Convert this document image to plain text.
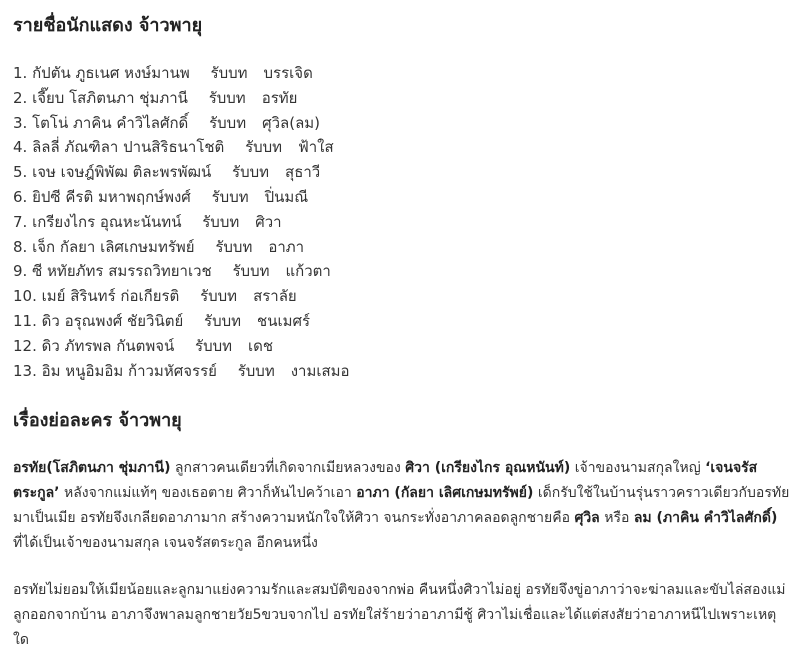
รายชื่อนักแสดง จ้าวพายุ
1. กัปตัน ภูธเนศ หงษ์มานพ รับบท บรรเจิด
2. เจี๊ยบ โสภิตนภา ชุ่มภานี รับบท อรทัย
3. โตโน่ ภาคิน คำวิไลศักดิ์ รับบท ศุวิล(ลม)
4. ลิลลี่ ภัณฑิลา ปานสิริธนาโชติ รับบท ฟ้าใส
5. เจษ เจษฎ์พิพัฒ ติละพรพัฒน์ รับบท สุธาวี
6. ยิปซี คีรติ มหาพฤกษ์พงศ์ รับบท ปิ่นมณี
7. เกรียงไกร อุณหะนันทน์ รับบท ศิวา
8. เจ็ก กัลยา เลิศเกษมทรัพย์ รับบท อาภา
9. ซี หทัยภัทร สมรรถวิทยาเวช รับบท แก้วตา
10. เมย์ สิรินทร์ ก่อเกียรติ รับบท สราลัย
11. ดิว อรุณพงศ์ ชัยวินิตย์ รับบท ชนเมศร์
12. ดิว ภัทรพล กันตพจน์ รับบท เดช
13. อิม หนูอิมอิม ก้าวมหัศจรรย์ รับบท งามเสมอ
เรื่องย่อละคร จ้าวพายุ

อรทัย(โสภิตนภา ชุ่มภานี) ลูกสาวคนเดียวที่เกิดจากเมียหลวงของ ศิวา (เกรียงไกร อุณหนันท์) เจ้าของนามสกุลใหญ่ ‘เจนจรัสตระกูล’ หลังจากแม่แท้ๆ ของเธอตาย ศิวาก็หันไปคว้าเอา อาภา (กัลยา เลิศเกษมทรัพย์) เด็กรับใช้ในบ้านรุ่นราวคราวเดียวกับอรทัยมาเป็นเมีย อรทัยจึงเกลียดอาภามาก สร้างความหนักใจให้ศิวา จนกระทั่งอาภาคลอดลูกชายคือ ศุวิล หรือ ลม (ภาคิน คำวิไลศักดิ์) ที่ได้เป็นเจ้าของนามสกุล เจนจรัสตระกูล อีกคนหนึ่ง

อรทัยไม่ยอมให้เมียน้อยและลูกมาแย่งความรักและสมบัติของจากพ่อ คืนหนึ่งศิวาไม่อยู่ อรทัยจึงขู่อาภาว่าจะฆ่าลมและขับไล่สองแม่ลูกออกจากบ้าน อาภาจึงพาลมลูกชายวัย5ขวบจากไป อรทัยใส่ร้ายว่าอาภามีชู้ ศิวาไม่เชื่อและได้แต่สงสัยว่าอาภาหนีไปเพราะเหตุใด
